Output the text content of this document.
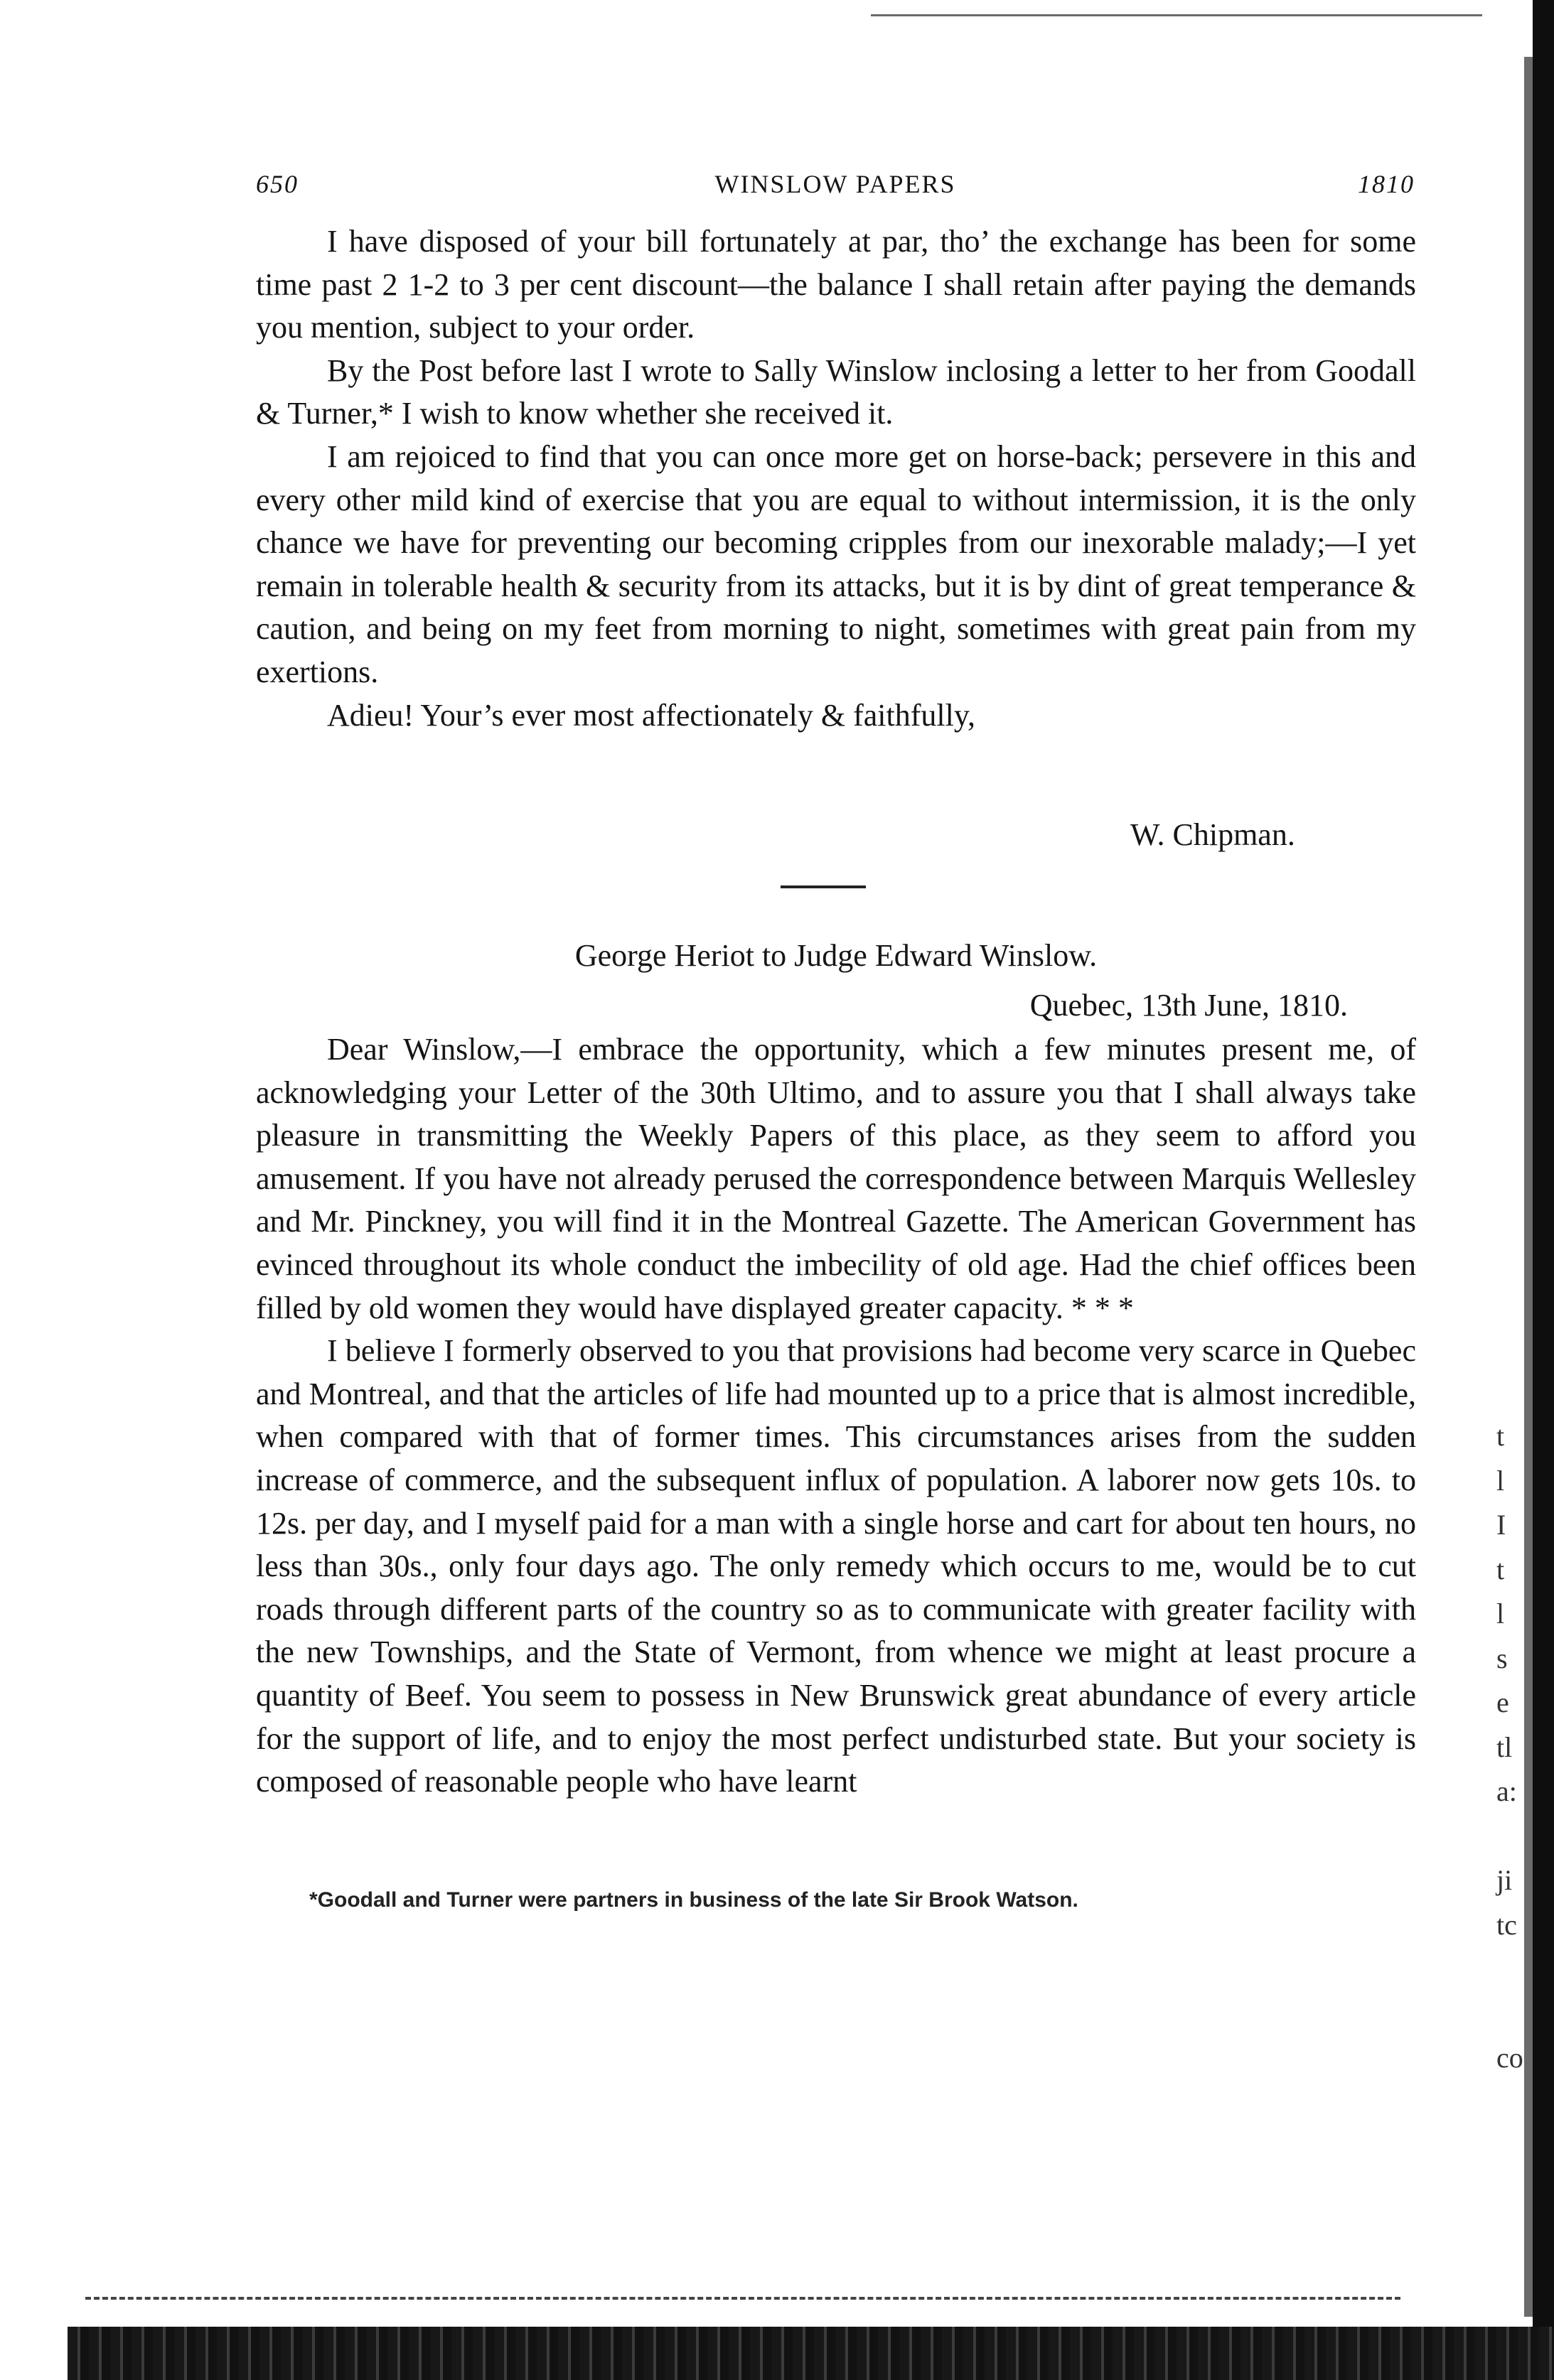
650	WINSLOW PAPERS	1810

I have disposed of your bill fortunately at par, tho’ the exchange has been for some time past 2 1-2 to 3 per cent discount—the balance I shall retain after paying the demands you mention, subject to your order.

By the Post before last I wrote to Sally Winslow inclosing a letter to her from Goodall & Turner,* I wish to know whether she received it.

I am rejoiced to find that you can once more get on horse-back; persevere in this and every other mild kind of exercise that you are equal to without intermission, it is the only chance we have for preventing our becoming cripples from our inexorable malady;—I yet remain in tolerable health & security from its attacks, but it is by dint of great temperance & caution, and being on my feet from morning to night, sometimes with great pain from my exertions.

Adieu! Your’s ever most affectionately & faithfully,

W. Chipman.
George Heriot to Judge Edward Winslow.
Quebec, 13th June, 1810.

Dear Winslow,—I embrace the opportunity, which a few minutes present me, of acknowledging your Letter of the 30th Ultimo, and to assure you that I shall always take pleasure in transmitting the Weekly Papers of this place, as they seem to afford you amusement. If you have not already perused the correspondence between Marquis Wellesley and Mr. Pinckney, you will find it in the Montreal Gazette. The American Government has evinced throughout its whole conduct the imbecility of old age. Had the chief offices been filled by old women they would have displayed greater capacity. * * *

I believe I formerly observed to you that provisions had become very scarce in Quebec and Montreal, and that the articles of life had mounted up to a price that is almost incredible, when compared with that of former times. This circumstances arises from the sudden increase of commerce, and the subsequent influx of population. A laborer now gets 10s. to 12s. per day, and I myself paid for a man with a single horse and cart for about ten hours, no less than 30s., only four days ago. The only remedy which occurs to me, would be to cut roads through different parts of the country so as to communicate with greater facility with the new Townships, and the State of Vermont, from whence we might at least procure a quantity of Beef. You seem to possess in New Brunswick great abundance of every article for the support of life, and to enjoy the most perfect undisturbed state. But your society is composed of reasonable people who have learnt

*Goodall and Turner were partners in business of the late Sir Brook Watson.
t
l
I
t
l
s
e
tl
a:
ji
tc
co
